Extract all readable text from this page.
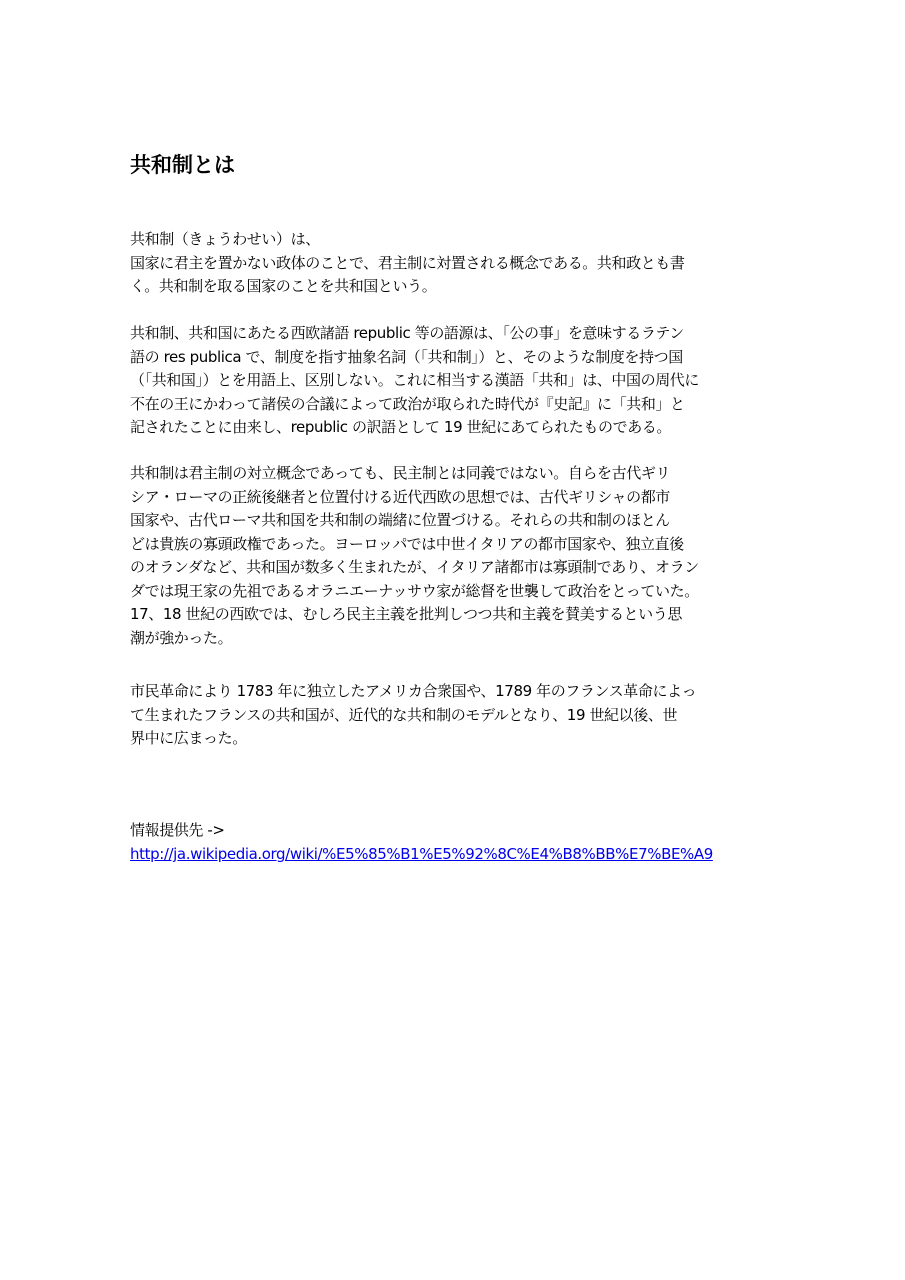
共和制とは
共和制（きょうわせい）は、
国家に君主を置かない政体のことで、君主制に対置される概念である。共和政とも書
く。共和制を取る国家のことを共和国という。
共和制、共和国にあたる西欧諸語 republic 等の語源は、「公の事」を意味するラテン
語の res publica で、制度を指す抽象名詞（「共和制」）と、そのような制度を持つ国
（「共和国」）とを用語上、区別しない。これに相当する漢語「共和」は、中国の周代に
不在の王にかわって諸侯の合議によって政治が取られた時代が『史記』に「共和」と
記されたことに由来し、republic の訳語として 19 世紀にあてられたものである。
共和制は君主制の対立概念であっても、民主制とは同義ではない。自らを古代ギリ
シア・ローマの正統後継者と位置付ける近代西欧の思想では、古代ギリシャの都市
国家や、古代ローマ共和国を共和制の端緒に位置づける。それらの共和制のほとん
どは貴族の寡頭政権であった。ヨーロッパでは中世イタリアの都市国家や、独立直後
のオランダなど、共和国が数多く生まれたが、イタリア諸都市は寡頭制であり、オラン
ダでは現王家の先祖であるオラニエーナッサウ家が総督を世襲して政治をとっていた。
17、18 世紀の西欧では、むしろ民主主義を批判しつつ共和主義を賛美するという思
潮が強かった。
市民革命により 1783 年に独立したアメリカ合衆国や、1789 年のフランス革命によっ
て生まれたフランスの共和国が、近代的な共和制のモデルとなり、19 世紀以後、世
界中に広まった。
情報提供先 ->
http://ja.wikipedia.org/wiki/%E5%85%B1%E5%92%8C%E4%B8%BB%E7%BE%A9
